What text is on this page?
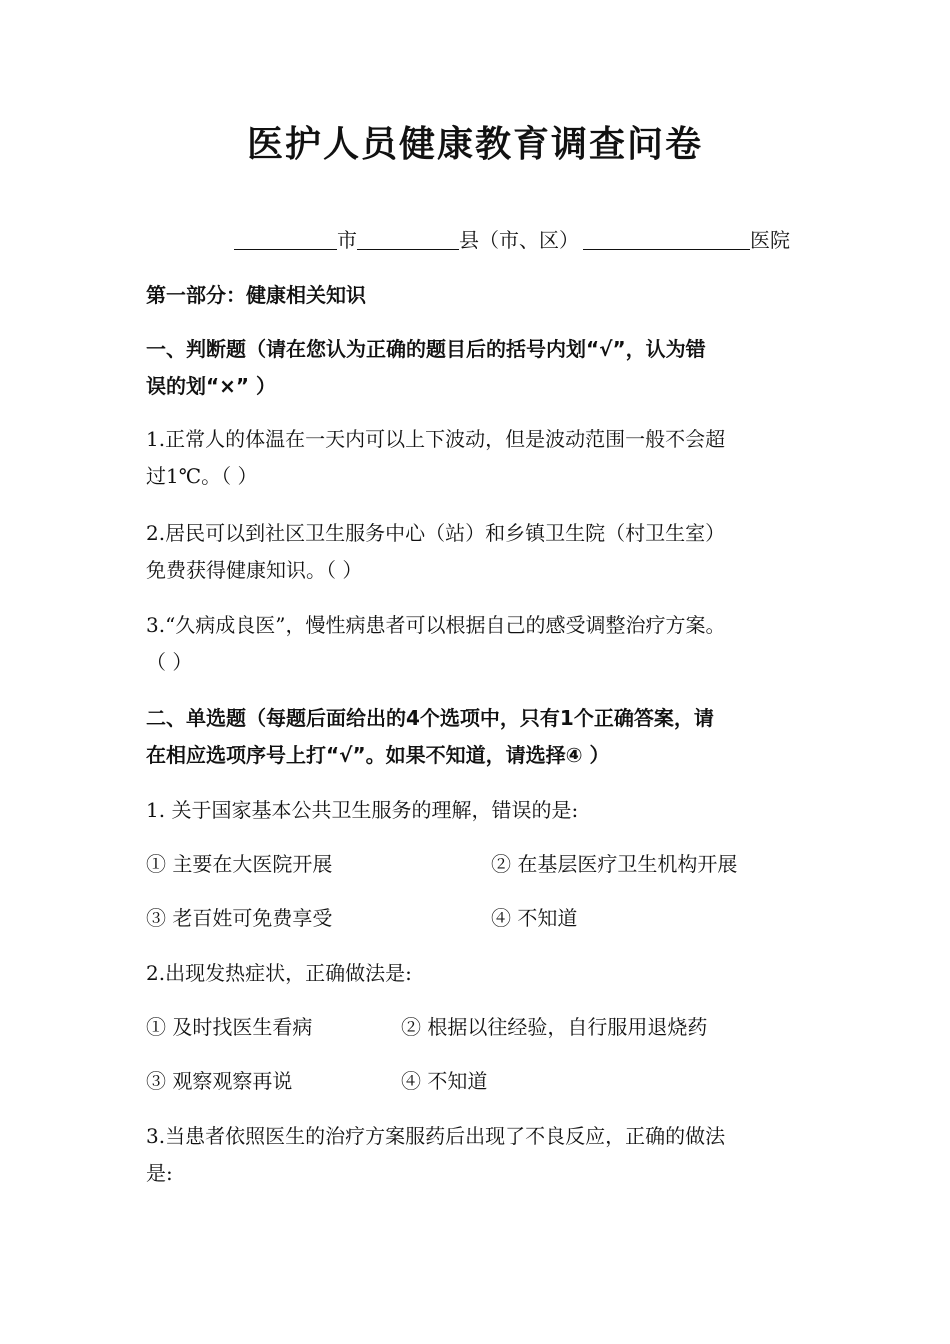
医护人员健康教育调查问卷
市	县（市、区）	医院
第一部分：健康相关知识
一、判断题（请在您认为正确的题目后的括号内划“√”，认为错
误的划“×” ）
1.正常人的体温在一天内可以上下波动，但是波动范围一般不会超
过1℃。（ ）
2.居民可以到社区卫生服务中心（站）和乡镇卫生院（村卫生室）
免费获得健康知识。（ ）
3.“久病成良医”，慢性病患者可以根据自己的感受调整治疗方案。
（ ）
二、单选题（每题后面给出的4个选项中，只有1个正确答案，请
在相应选项序号上打“√”。如果不知道，请选择④ ）
1. 关于国家基本公共卫生服务的理解，错误的是:
① 主要在大医院开展	② 在基层医疗卫生机构开展
③ 老百姓可免费享受	④ 不知道
2.出现发热症状，正确做法是:
① 及时找医生看病	② 根据以往经验，自行服用退烧药
③ 观察观察再说	④ 不知道
3.当患者依照医生的治疗方案服药后出现了不良反应，正确的做法
是:
